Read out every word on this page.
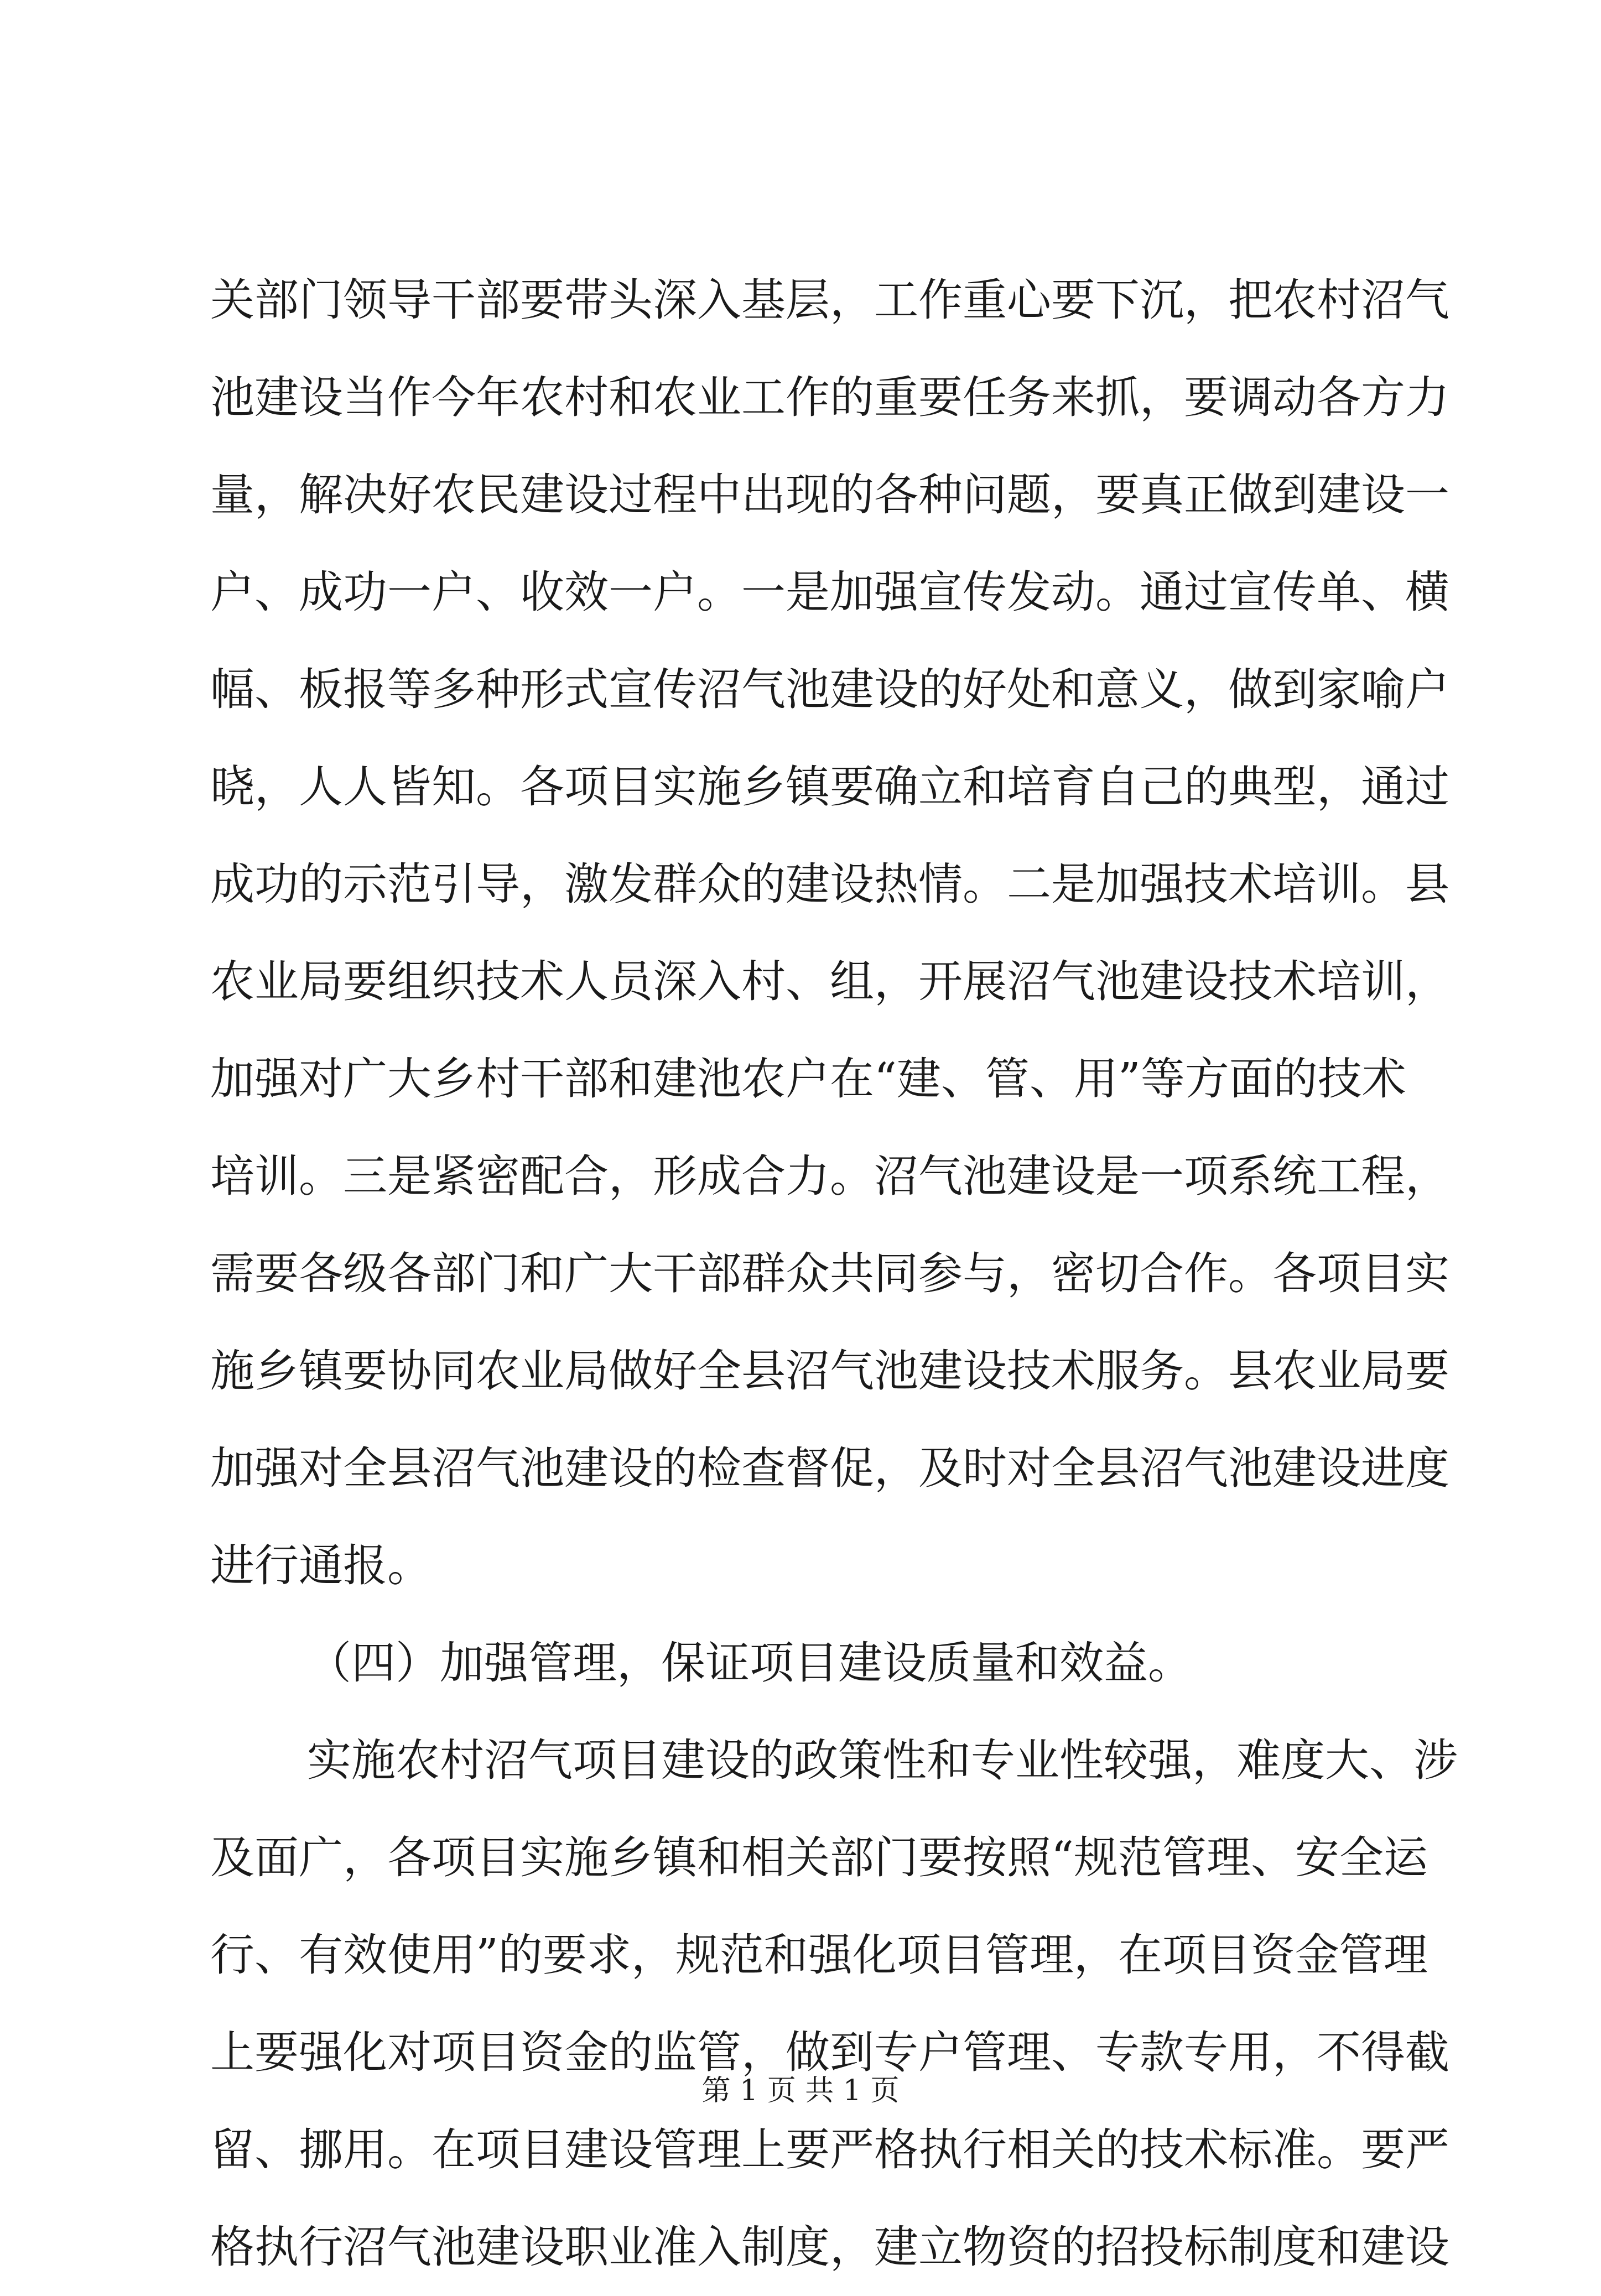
关部门领导干部要带头深入基层，工作重心要下沉，把农村沼气
池建设当作今年农村和农业工作的重要任务来抓，要调动各方力
量，解决好农民建设过程中出现的各种问题，要真正做到建设一
户、成功一户、收效一户。一是加强宣传发动。通过宣传单、横
幅、板报等多种形式宣传沼气池建设的好处和意义，做到家喻户
晓，人人皆知。各项目实施乡镇要确立和培育自己的典型，通过
成功的示范引导，激发群众的建设热情。二是加强技术培训。县
农业局要组织技术人员深入村、组，开展沼气池建设技术培训，
加强对广大乡村干部和建池农户在“建、管、用”等方面的技术
培训。三是紧密配合，形成合力。沼气池建设是一项系统工程，
需要各级各部门和广大干部群众共同参与，密切合作。各项目实
施乡镇要协同农业局做好全县沼气池建设技术服务。县农业局要
加强对全县沼气池建设的检查督促，及时对全县沼气池建设进度
进行通报。
（四）加强管理，保证项目建设质量和效益。
实施农村沼气项目建设的政策性和专业性较强，难度大、涉
及面广，各项目实施乡镇和相关部门要按照“规范管理、安全运
行、有效使用”的要求，规范和强化项目管理，在项目资金管理
上要强化对项目资金的监管，做到专户管理、专款专用，不得截
留、挪用。在项目建设管理上要严格执行相关的技术标准。要严
格执行沼气池建设职业准入制度，建立物资的招投标制度和建设
第 1 页 共 1 页
